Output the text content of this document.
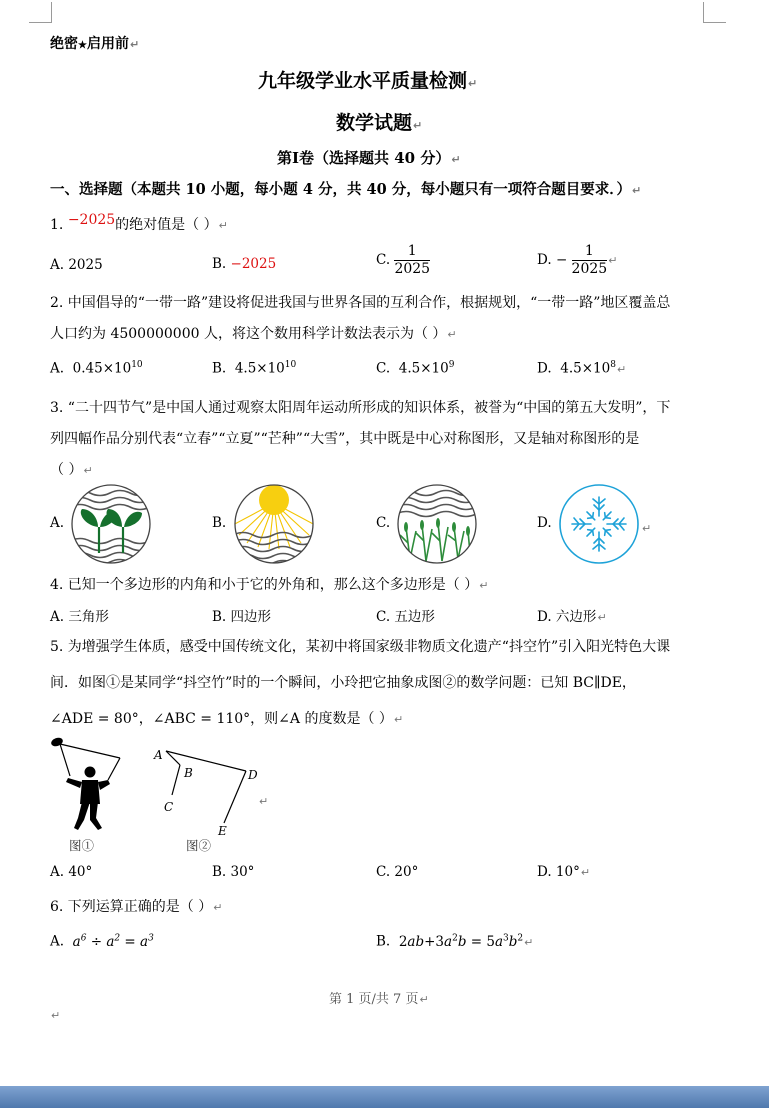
绝密★启用前↵
九年级学业水平质量检测↵
数学试题↵
第Ⅰ卷（选择题共 40 分）↵
一、选择题（本题共 10 小题，每小题 4 分，共 40 分，每小题只有一项符合题目要求．）↵
1. −2025的绝对值是（ ）↵
A. 2025	B. −2025	C. $\frac{1}{2025}$	D. − $\frac{1}{2025}$ ↵
2. 中国倡导的“一带一路”建设将促进我国与世界各国的互利合作，根据规划，“一带一路”地区覆盖总
人口约为 4500000000 人，将这个数用科学计数法表示为（ ）↵
A. $0.45\times 10^{10}$	B. $4.5\times 10^{10}$	C. $4.5\times 10^9$	D. $4.5\times 10^8↵$
3. “二十四节气”是中国人通过观察太阳周年运动所形成的知识体系，被誉为“中国的第五大发明”，下
列四幅作品分别代表“立春”“立夏”“芒种”“大雪”，其中既是中心对称图形，又是轴对称图形的是
（ ）↵
A.	B.	C.	D.	↵
4. 已知一个多边形的内角和小于它的外角和，那么这个多边形是（ ）↵
A. 三角形	B. 四边形	C. 五边形	D. 六边形↵
5. 为增强学生体质，感受中国传统文化，某初中将国家级非物质文化遗产“抖空竹”引入阳光特色大课
间．如图①是某同学“抖空竹”时的一个瞬间，小玲把它抽象成图②的数学问题：已知 BC∥DE，
∠ADE = 80°，∠ABC = 110°，则∠A 的度数是（ ）↵
A
B
C
D
E
↵
图①	图②
A. 40°	B. 30°	C. 20°	D. 10°↵
6. 下列运算正确的是（ ）↵
A. $a^6 \div a^2 = a^3$	B. $2ab+3a^2b$ = $5a^3b^2↵$
第 1 页/共 7 页↵
↵
